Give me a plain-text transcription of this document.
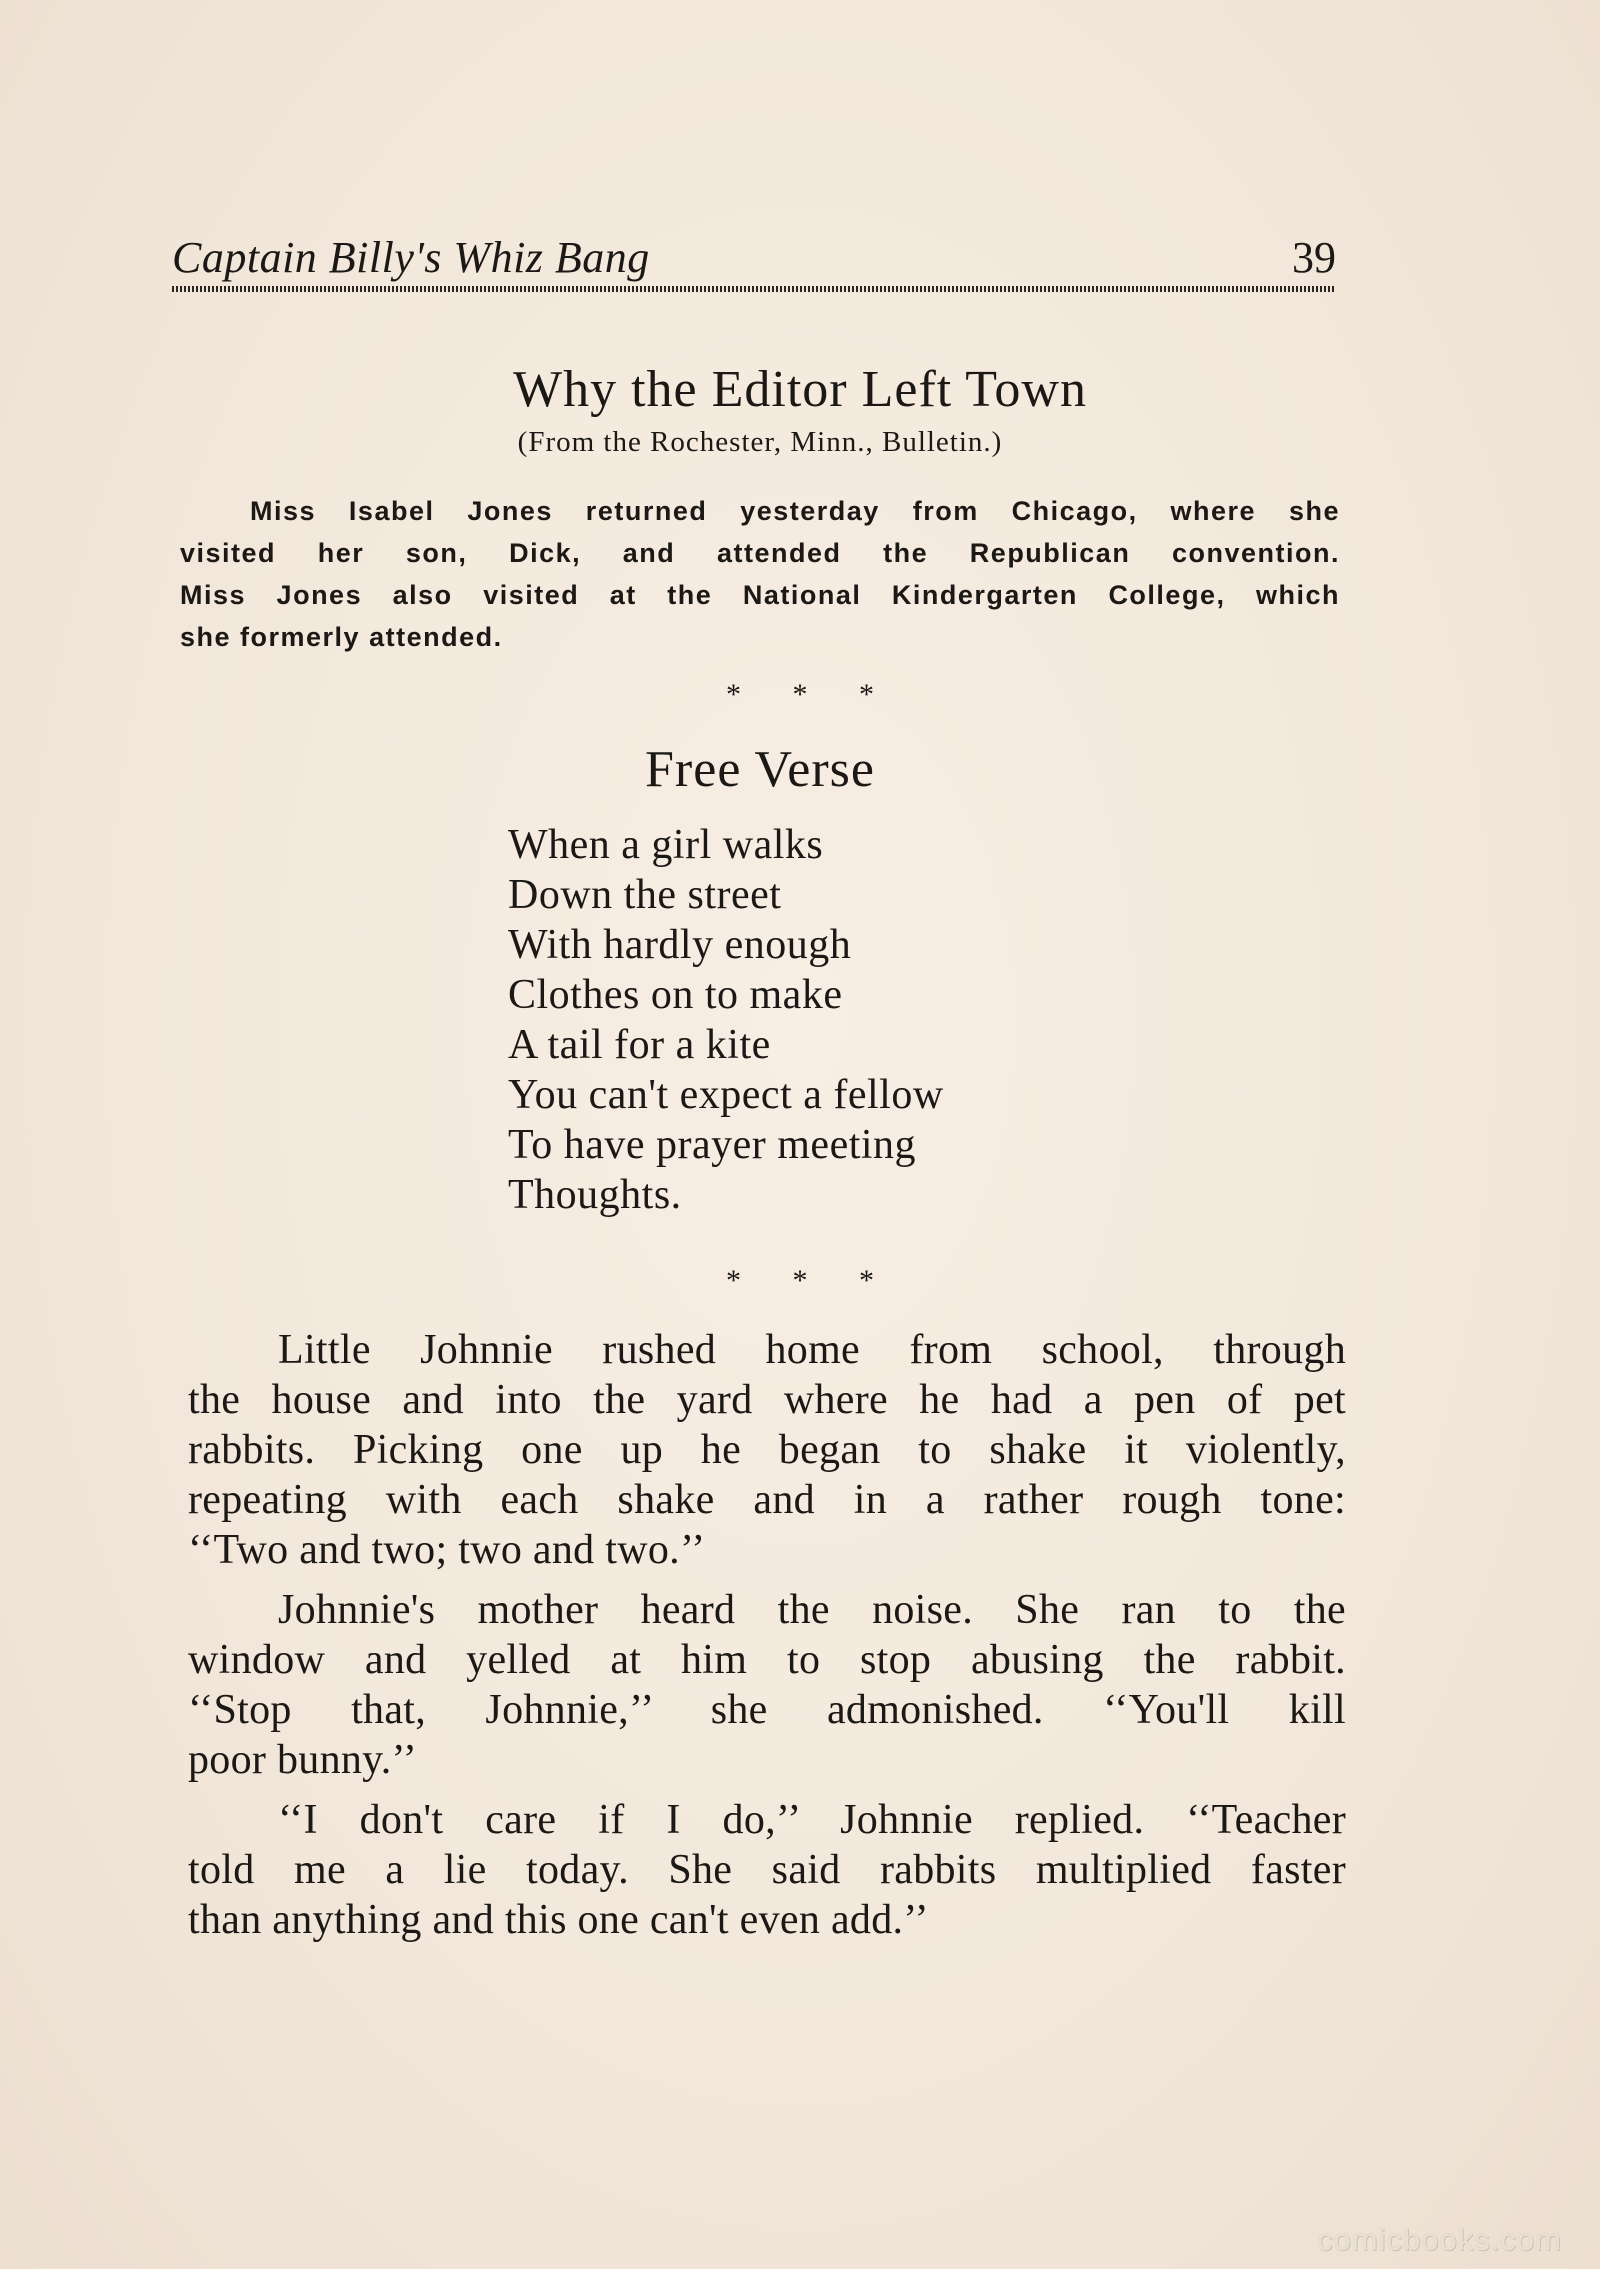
Captain Billy's Whiz Bang	39
Why the Editor Left Town
(From the Rochester, Minn., Bulletin.)
Miss Isabel Jones returned yesterday from Chicago, where she
visited her son, Dick, and attended the Republican convention.
Miss Jones also visited at the National Kindergarten College, which
she formerly attended.
* * *
Free Verse
When a girl walks
Down the street
With hardly enough
Clothes on to make
A tail for a kite
You can't expect a fellow
To have prayer meeting
Thoughts.
* * *
Little Johnnie rushed home from school, through
the house and into the yard where he had a pen of pet
rabbits. Picking one up he began to shake it violently,
repeating with each shake and in a rather rough tone:
‘‘Two and two; two and two.’’
Johnnie's mother heard the noise. She ran to the
window and yelled at him to stop abusing the rabbit.
‘‘Stop that, Johnnie,’’ she admonished. ‘‘You'll kill
poor bunny.’’
‘‘I don't care if I do,’’ Johnnie replied. ‘‘Teacher
told me a lie today. She said rabbits multiplied faster
than anything and this one can't even add.’’
comicbooks.com
